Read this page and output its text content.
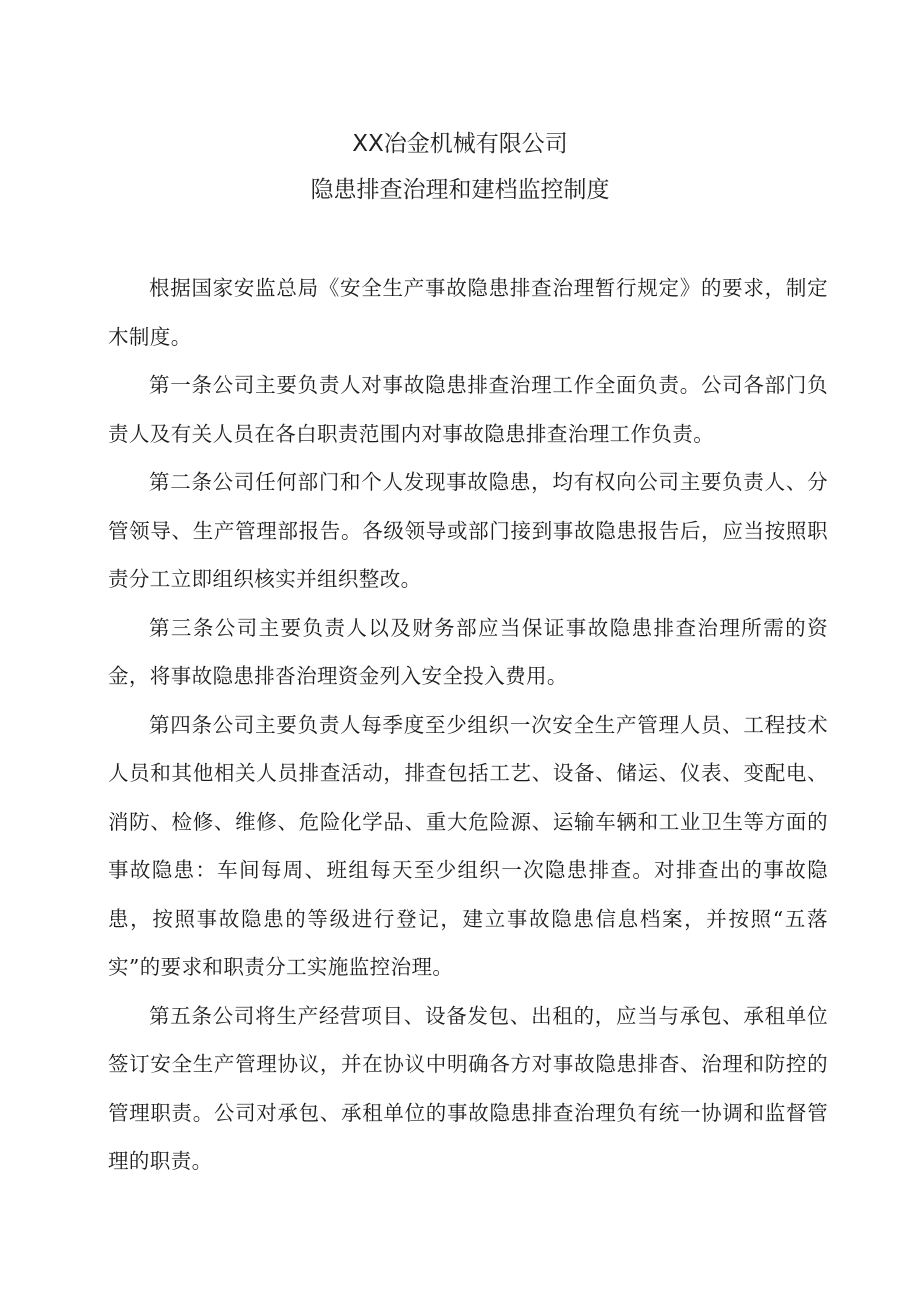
XX冶金机械有限公司
隐患排查治理和建档监控制度

根据国家安监总局《安全生产事故隐患排查治理暂行规定》的要求，制定木制度。

第一条公司主要负责人对事故隐患排查治理工作全面负责。公司各部门负责人及有关人员在各白职责范围内对事故隐患排查治理工作负责。

第二条公司任何部门和个人发现事故隐患，均有权向公司主要负责人、分管领导、生产管理部报告。各级领导或部门接到事故隐患报告后，应当按照职责分工立即组织核实并组织整改。

第三条公司主要负责人以及财务部应当保证事故隐患排查治理所需的资金，将事故隐患排沓治理资金列入安全投入费用。

第四条公司主要负责人每季度至少组织一次安全生产管理人员、工程技术人员和其他相关人员排查活动，排查包括工艺、设备、储运、仪表、变配电、消防、检修、维修、危险化学品、重大危险源、运输车辆和工业卫生等方面的事故隐患：车间每周、班组每天至少组织一次隐患排查。对排查出的事故隐患，按照事故隐患的等级进行登记，建立事故隐患信息档案，并按照“五落实”的要求和职责分工实施监控治理。

第五条公司将生产经营项目、设备发包、出租的，应当与承包、承租单位签订安全生产管理协议，并在协议中明确各方对事故隐患排杳、治理和防控的管理职责。公司对承包、承租单位的事故隐患排查治理负有统一协调和监督管理的职责。
